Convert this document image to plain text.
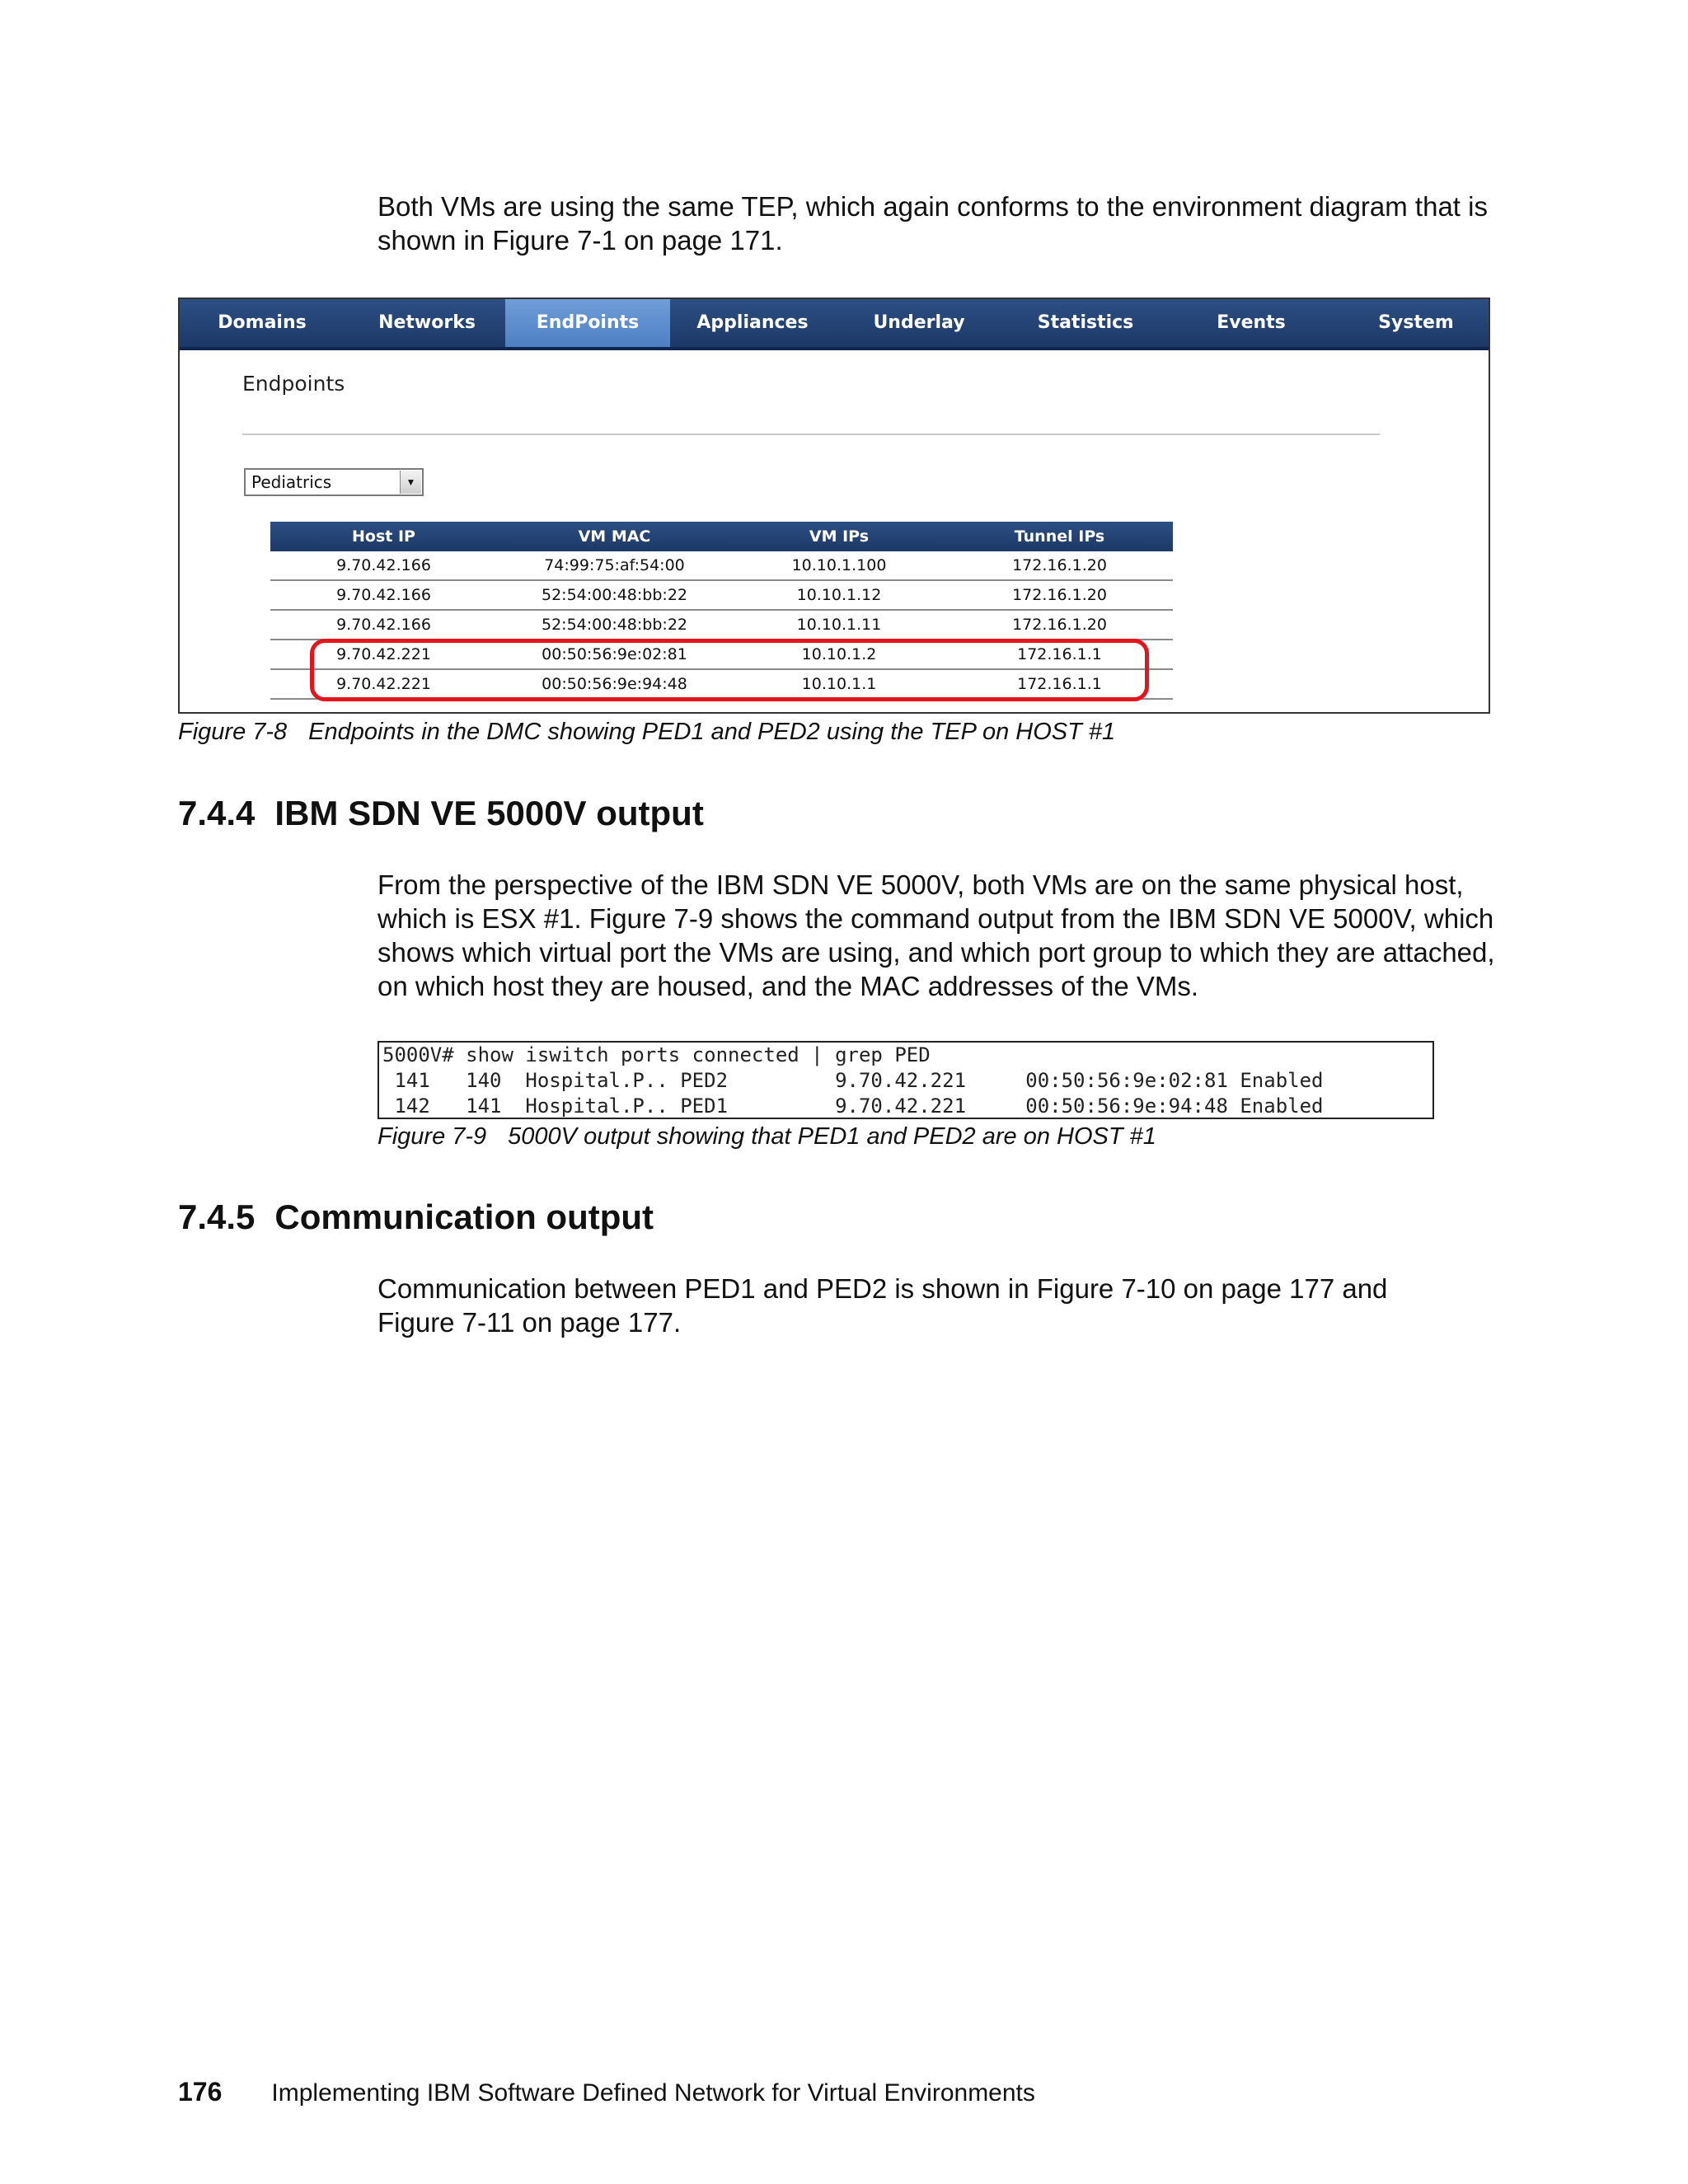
Both VMs are using the same TEP, which again conforms to the environment diagram that is
shown in Figure 7-1 on page 171.
Domains	Networks	EndPoints	Appliances	Underlay	Statistics	Events	System
Endpoints
Pediatrics	▼
Host IP	VM MAC	VM IPs	Tunnel IPs
9.70.42.166	74:99:75:af:54:00	10.10.1.100	172.16.1.20
9.70.42.166	52:54:00:48:bb:22	10.10.1.12	172.16.1.20
9.70.42.166	52:54:00:48:bb:22	10.10.1.11	172.16.1.20
9.70.42.221	00:50:56:9e:02:81	10.10.1.2	172.16.1.1
9.70.42.221	00:50:56:9e:94:48	10.10.1.1	172.16.1.1
Figure 7-8 Endpoints in the DMC showing PED1 and PED2 using the TEP on HOST #1
7.4.4 IBM SDN VE 5000V output
From the perspective of the IBM SDN VE 5000V, both VMs are on the same physical host,
which is ESX #1. Figure 7-9 shows the command output from the IBM SDN VE 5000V, which
shows which virtual port the VMs are using, and which port group to which they are attached,
on which host they are housed, and the MAC addresses of the VMs.
5000V# show iswitch ports connected | grep PED
141   140  Hospital.P.. PED2         9.70.42.221     00:50:56:9e:02:81 Enabled
142   141  Hospital.P.. PED1         9.70.42.221     00:50:56:9e:94:48 Enabled
Figure 7-9 5000V output showing that PED1 and PED2 are on HOST #1
7.4.5 Communication output
Communication between PED1 and PED2 is shown in Figure 7-10 on page 177 and
Figure 7-11 on page 177.
176 Implementing IBM Software Defined Network for Virtual Environments
